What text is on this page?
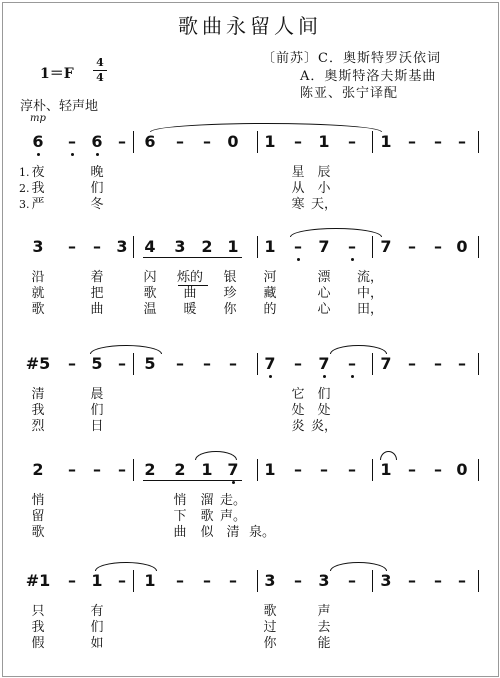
歌曲永留人间
〔前苏〕C．奥斯特罗沃依词
A．奥斯特洛夫斯基曲
陈亚、张宁译配
1＝F
4
4
淳朴、轻声地
mp
6 – 6 – 6 – – 0 1 – 1 – 1 – – –
夜	晚	星 辰
我	们	从 小
严	冬	寒 天，
3 – – 3 4 3 2 1 1 – 7 – 7 – – 0
沿	着	闪 烁的 银 河	漂 流，
就	把	歌 曲 珍 藏	心 中，
歌	曲	温 暖 你 的	心 田，
#5 – 5 – 5 – – – 7 – 7 – 7 – – –
清	晨	它 们
我	们	处 处
烈	日	炎 炎，
2 – – – 2 2 1 7 1 – – – 1 – – 0
悄	悄 溜 走。
留	下 歌 声。
歌	曲 似 清 泉。
#1 – 1 – 1 – – – 3 – 3 – 3 – – –
只	有	歌	声
我	们	过	去
假	如	你	能
1.
2.
3.
